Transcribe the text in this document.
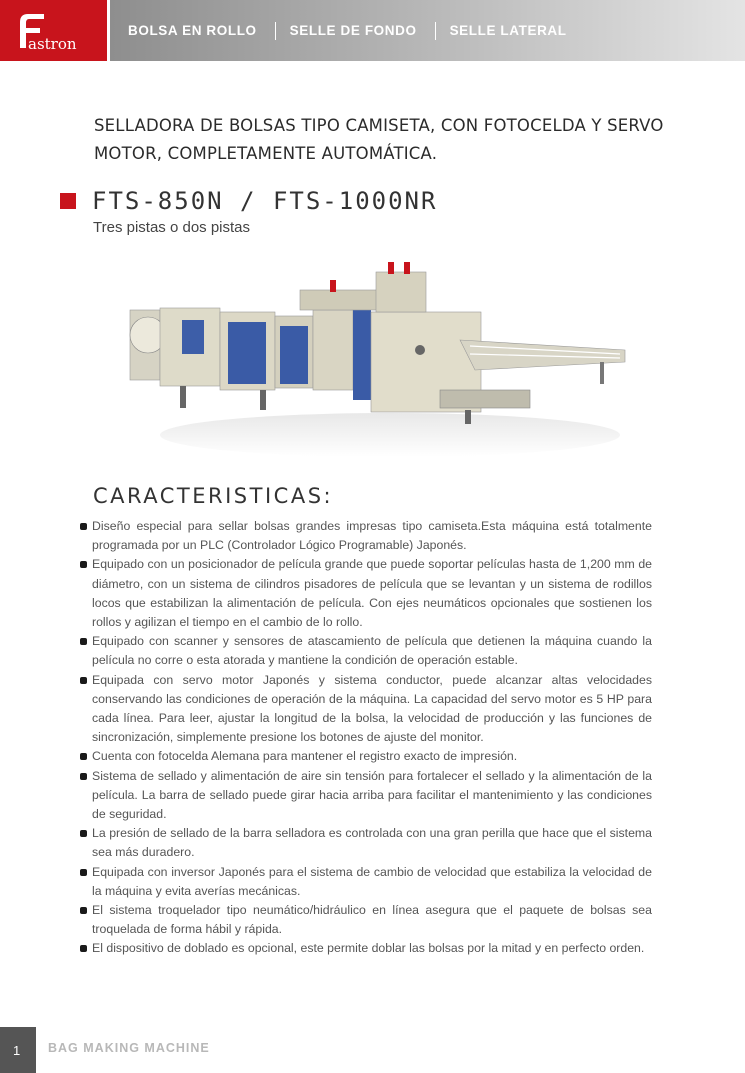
astron
BOLSA EN ROLLO SELLE DE FONDO SELLE LATERAL
SELLADORA DE BOLSAS TIPO CAMISETA, CON FOTOCELDA Y SERVO MOTOR, COMPLETAMENTE AUTOMÁTICA.
FTS-850N / FTS-1000NR
Tres pistas o dos pistas
CARACTERISTICAS:
Diseño especial para sellar bolsas grandes impresas tipo camiseta.Esta máquina está totalmente programada por un PLC (Controlador Lógico Programable) Japonés.
Equipado con un posicionador de película grande que puede soportar películas hasta de 1,200 mm de diámetro, con un sistema de cilindros pisadores de película que se levantan y un sistema de rodillos locos que estabilizan la alimentación de película. Con ejes neumáticos opcionales que sostienen los rollos y agilizan el tiempo en el cambio de lo rollo.
Equipado con scanner y sensores de atascamiento de película que detienen la máquina cuando la película no corre o esta atorada y mantiene la condición de operación estable.
Equipada con servo motor Japonés y sistema conductor, puede alcanzar altas velocidades conservando las condiciones de operación de la máquina. La capacidad del servo motor es 5 HP para cada línea. Para leer, ajustar la longitud de la bolsa, la velocidad de producción y las funciones de sincronización, simplemente presione los botones de ajuste del monitor.
Cuenta con fotocelda Alemana para mantener el registro exacto de impresión.
Sistema de sellado y alimentación de aire sin tensión para fortalecer el sellado y la alimentación de la película. La barra de sellado puede girar hacia arriba para facilitar el mantenimiento y las condiciones de seguridad.
La presión de sellado de la barra selladora es controlada con una gran perilla que hace que el sistema sea más duradero.
Equipada con inversor Japonés para el sistema de cambio de velocidad que estabiliza la velocidad de la máquina y evita averías mecánicas.
El sistema troquelador tipo neumático/hidráulico en línea asegura que el paquete de bolsas sea troquelada de forma hábil y rápida.
El dispositivo de doblado es opcional, este permite doblar las bolsas por la mitad y en perfecto orden.
1	BAG MAKING MACHINE
